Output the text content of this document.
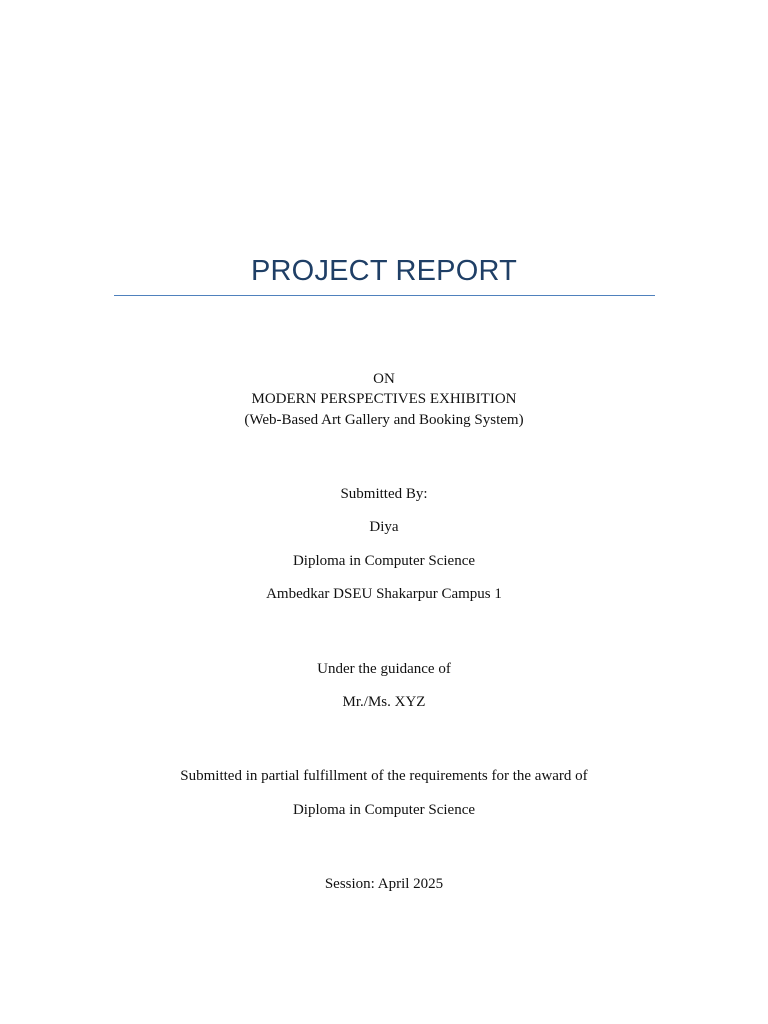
PROJECT REPORT
ON
MODERN PERSPECTIVES EXHIBITION
(Web-Based Art Gallery and Booking System)
Submitted By:
Diya
Diploma in Computer Science
Ambedkar DSEU Shakarpur Campus 1
Under the guidance of
Mr./Ms. XYZ
Submitted in partial fulfillment of the requirements for the award of
Diploma in Computer Science
Session: April 2025
